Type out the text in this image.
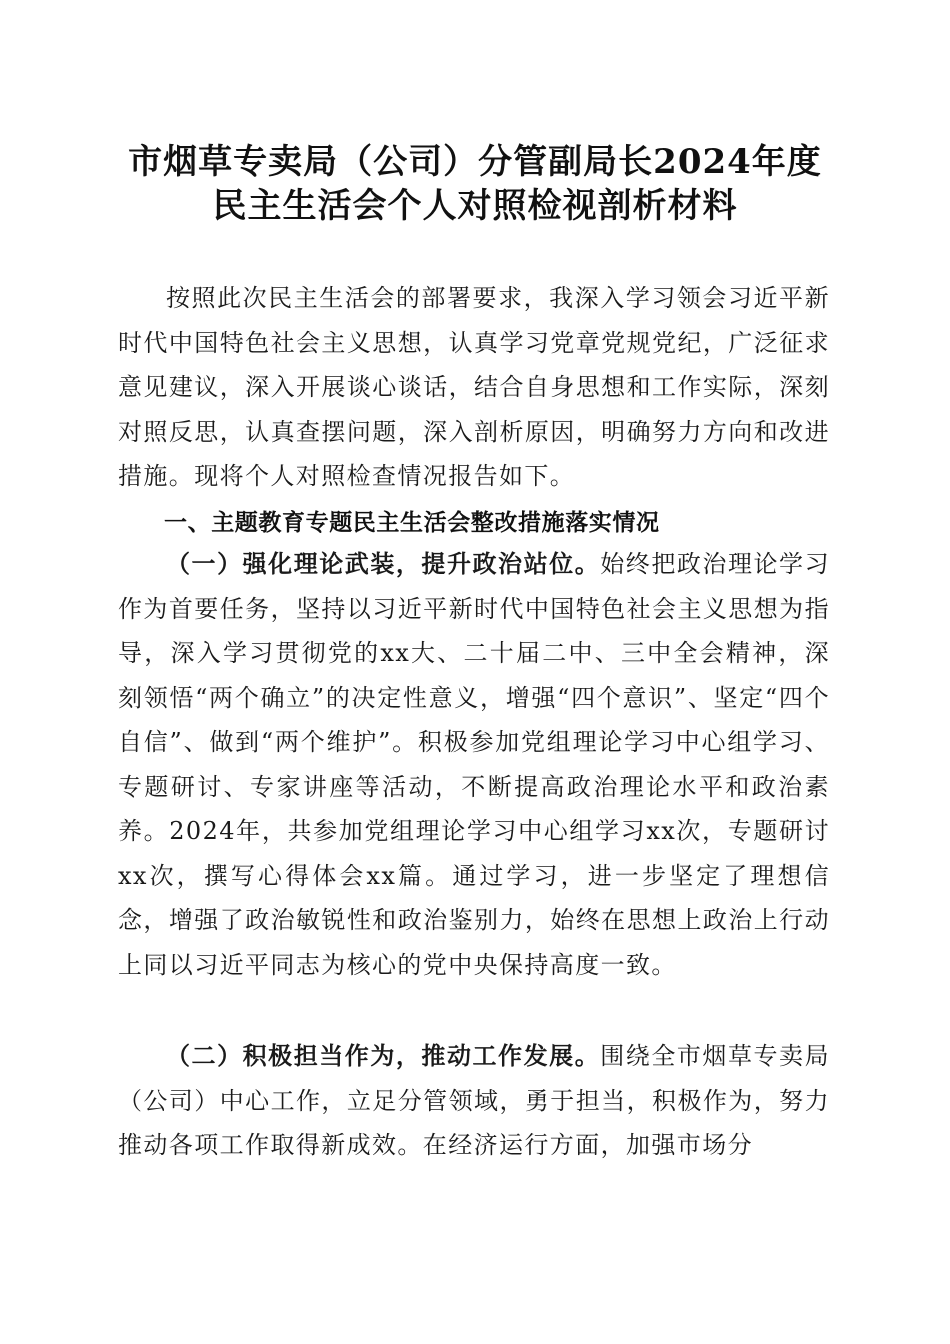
市烟草专卖局（公司）分管副局长2024年度
民主生活会个人对照检视剖析材料
按照此次民主生活会的部署要求，我深入学习领会习近平新时代中国特色社会主义思想，认真学习党章党规党纪，广泛征求意见建议，深入开展谈心谈话，结合自身思想和工作实际，深刻对照反思，认真查摆问题，深入剖析原因，明确努力方向和改进措施。现将个人对照检查情况报告如下。
一、主题教育专题民主生活会整改措施落实情况
（一）强化理论武装，提升政治站位。始终把政治理论学习作为首要任务，坚持以习近平新时代中国特色社会主义思想为指导，深入学习贯彻党的xx大、二十届二中、三中全会精神，深刻领悟“两个确立”的决定性意义，增强“四个意识”、坚定“四个自信”、做到“两个维护”。积极参加党组理论学习中心组学习、专题研讨、专家讲座等活动，不断提高政治理论水平和政治素养。2024年，共参加党组理论学习中心组学习xx次，专题研讨xx次，撰写心得体会xx篇。通过学习，进一步坚定了理想信念，增强了政治敏锐性和政治鉴别力，始终在思想上政治上行动上同以习近平同志为核心的党中央保持高度一致。
（二）积极担当作为，推动工作发展。围绕全市烟草专卖局（公司）中心工作，立足分管领域，勇于担当，积极作为，努力推动各项工作取得新成效。在经济运行方面，加强市场分
